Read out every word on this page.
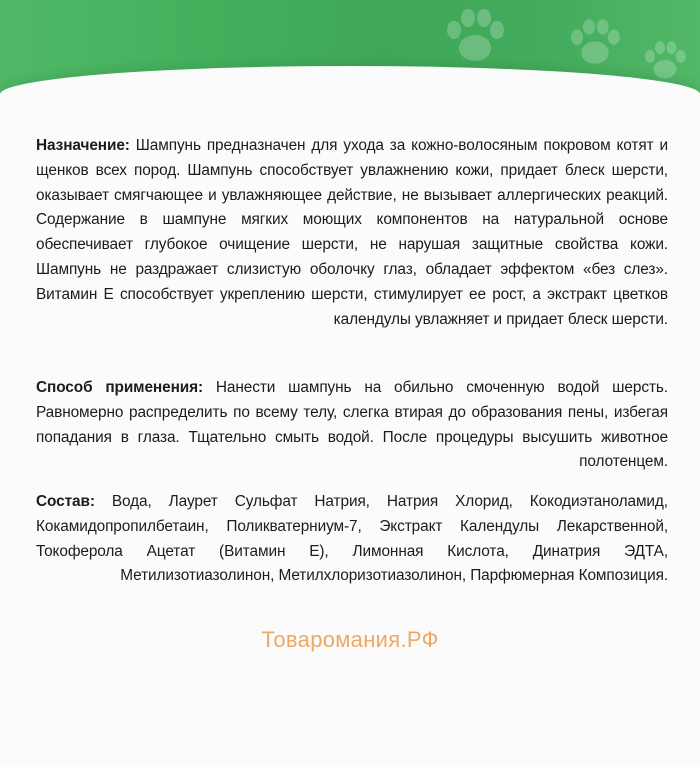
Назначение: Шампунь предназначен для ухода за кожно-волосяным покровом котят и щенков всех пород. Шампунь способствует увлажнению кожи, придает блеск шерсти, оказывает смягчающее и увлажняющее действие, не вызывает аллергических реакций. Содержание в шампуне мягких моющих компонентов на натуральной основе обеспечивает глубокое очищение шерсти, не нарушая защитные свойства кожи. Шампунь не раздражает слизистую оболочку глаз, обладает эффектом «без слез». Витамин Е способствует укреплению шерсти, стимулирует ее рост, а экстракт цветков календулы увлажняет и придает блеск шерсти.
Способ применения: Нанести шампунь на обильно смоченную водой шерсть. Равномерно распределить по всему телу, слегка втирая до образования пены, избегая попадания в глаза. Тщательно смыть водой. После процедуры высушить животное полотенцем.
Состав: Вода, Лаурет Сульфат Натрия, Натрия Хлорид, Кокодиэтаноламид, Кокамидопропилбетаин, Поликватерниум-7, Экстракт Календулы Лекарственной, Токоферола Ацетат (Витамин Е), Лимонная Кислота, Динатрия ЭДТА, Метилизотиазолинон, Метилхлоризотиазолинон, Парфюмерная Композиция.
Товаромания.РФ
